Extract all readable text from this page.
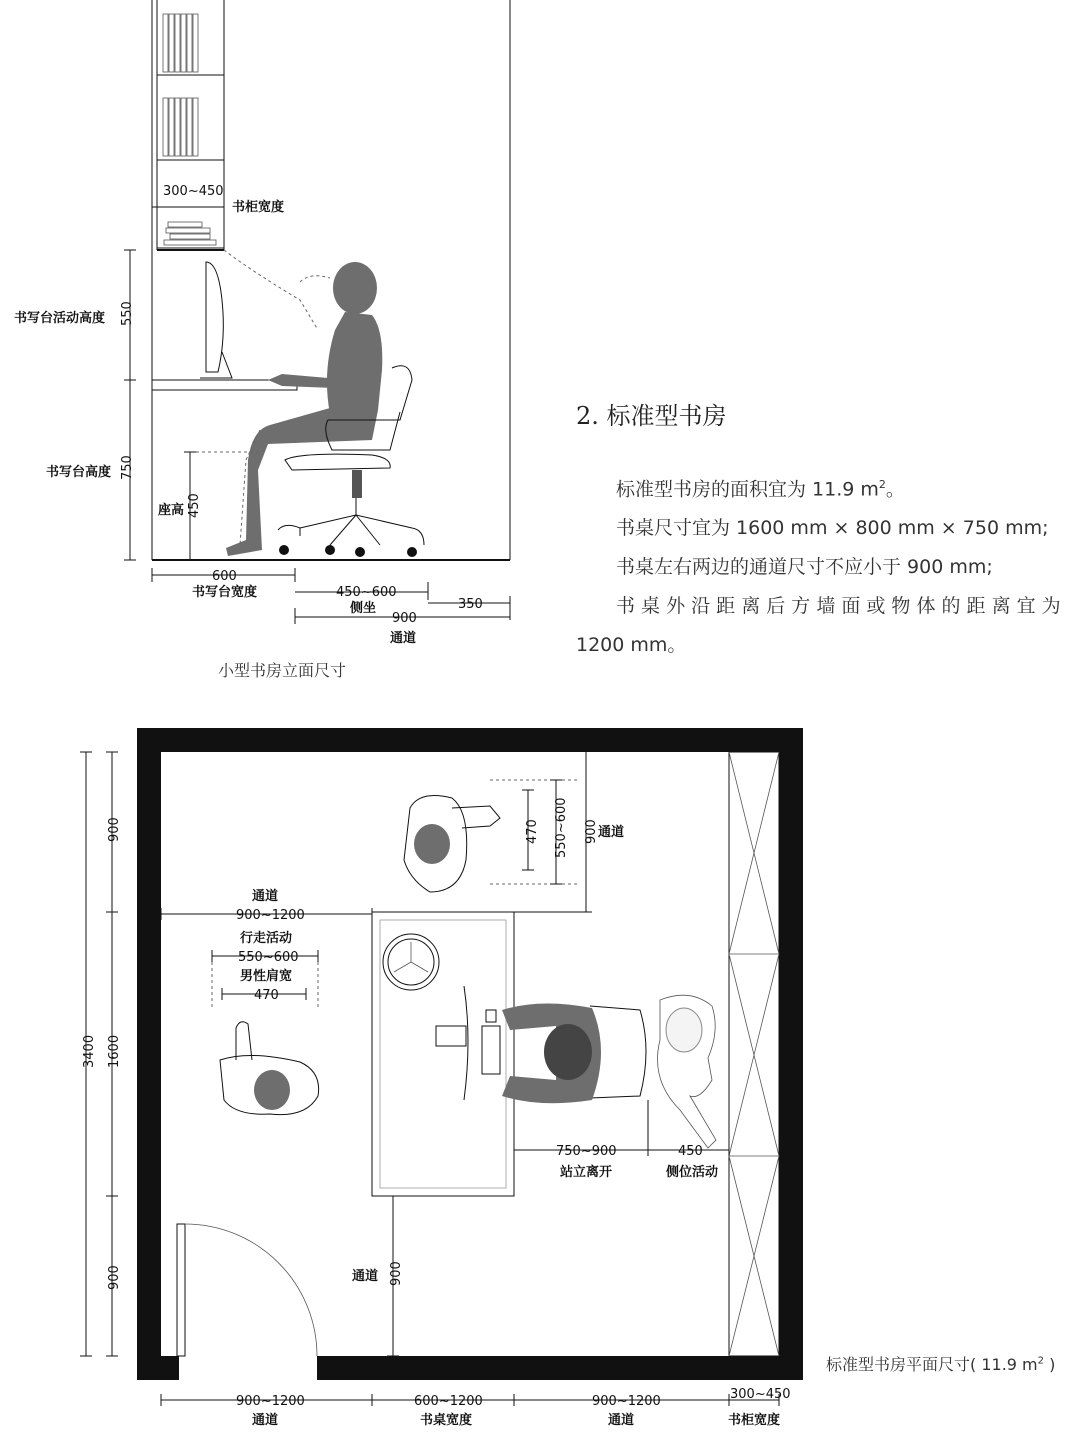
300~450
书柜宽度
550
书写台活动高度
750
书写台高度
450
座高
600
书写台宽度	450~600
侧坐	350
900
通道
470 550~600 900 通道
通道
900~1200
行走活动
550~600
男性肩宽
470
750~900
站立离开
450
侧位活动
900
通道
3400
900
1600
900
900~1200	600~1200	900~1200	300~450
通道	书桌宽度	通道	书柜宽度
小型书房立面尺寸
2. 标准型书房

标准型书房的面积宜为 11.9 $m^2$。

书桌尺寸宜为 1600 mm × 800 mm × 750 mm;

书桌左右两边的通道尺寸不应小于 900 mm;

书 桌 外 沿 距 离 后 方 墙 面 或 物 体 的 距 离 宜 为

1200 mm。

标准型书房平面尺寸( 11.9 $m^2$ )
